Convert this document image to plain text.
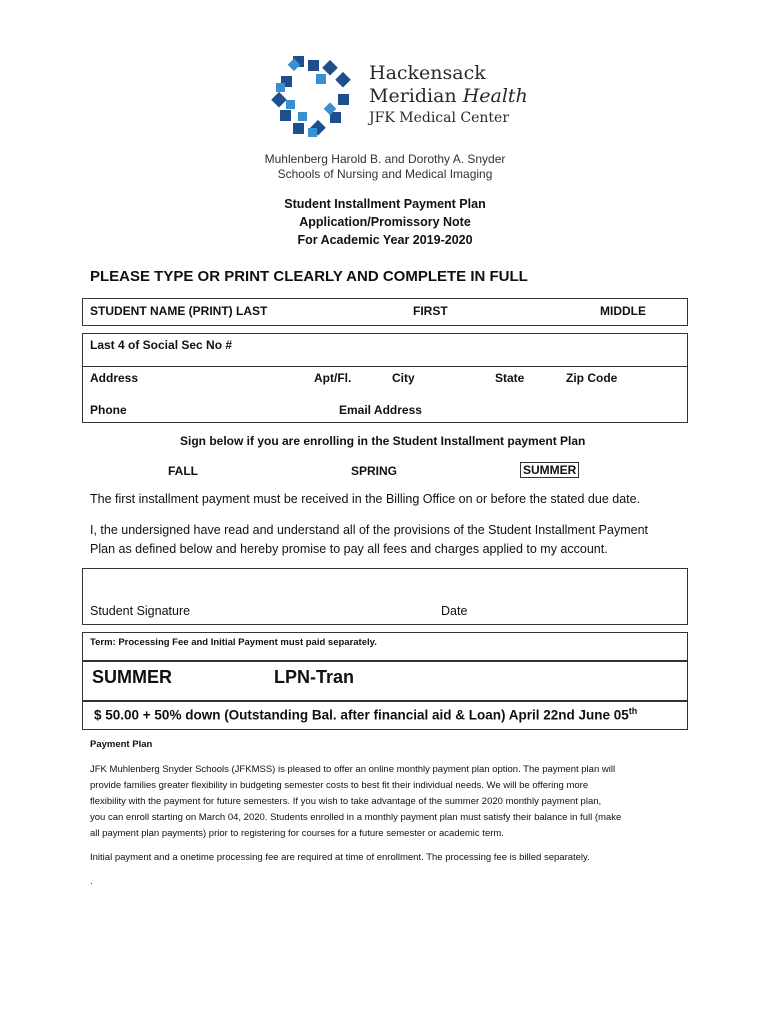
Hackensack
Meridian Health
JFK Medical Center
Muhlenberg Harold B. and Dorothy A. Snyder
Schools of Nursing and Medical Imaging
Student Installment Payment Plan
Application/Promissory Note
For Academic Year 2019-2020
PLEASE TYPE OR PRINT CLEARLY AND COMPLETE IN FULL
STUDENT NAME (PRINT) LAST	FIRST	MIDDLE
Last 4 of Social Sec No #
Address	Apt/Fl.	City	State	Zip Code
Phone	Email Address
Sign below if you are enrolling in the Student Installment payment Plan
FALL	SPRING	SUMMER
The first installment payment must be received in the Billing Office on or before the stated due date.
I, the undersigned have read and understand all of the provisions of the Student Installment Payment
Plan as defined below and hereby promise to pay all fees and charges applied to my account.
Student Signature	Date
Term: Processing Fee and Initial Payment must paid separately.
SUMMER	LPN-Tran
$ 50.00 + 50% down (Outstanding Bal. after financial aid & Loan) April 22nd June 05th
Payment Plan
JFK Muhlenberg Snyder Schools (JFKMSS) is pleased to offer an online monthly payment plan option. The payment plan will
provide families greater flexibility in budgeting semester costs to best fit their individual needs. We will be offering more
flexibility with the payment for future semesters. If you wish to take advantage of the summer 2020 monthly payment plan,
you can enroll starting on March 04, 2020. Students enrolled in a monthly payment plan must satisfy their balance in full (make
all payment plan payments) prior to registering for courses for a future semester or academic term.
Initial payment and a onetime processing fee are required at time of enrollment. The processing fee is billed separately.
.
